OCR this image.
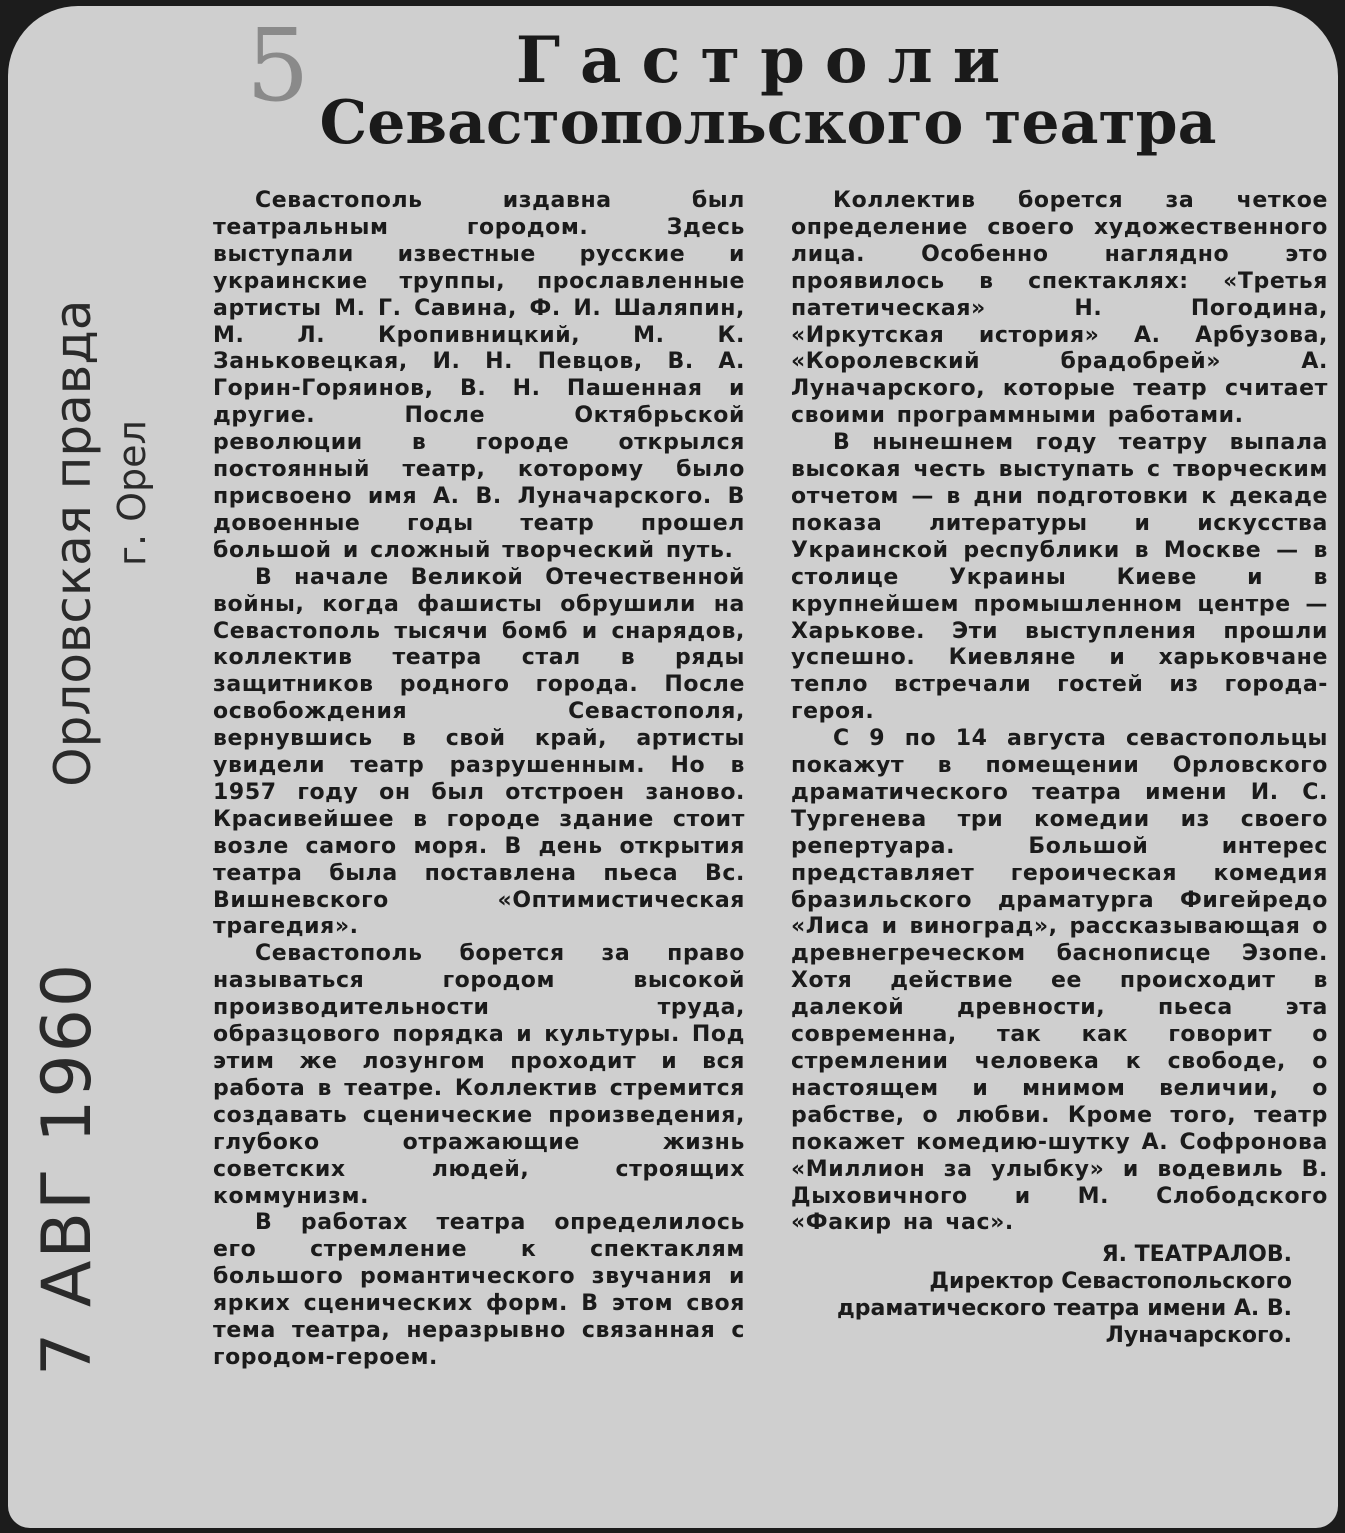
5	Гастроли
Севастопольского театра
7 АВГ 1960 Орловская правда г. Орел

Севастополь издавна был театральным городом. Здесь выступали известные русские и украинские труппы, прославленные артисты М. Г. Савина, Ф. И. Шаляпин, М. Л. Кропивницкий, М. К. Заньковецкая, И. Н. Певцов, В. А. Горин-Горяинов, В. Н. Пашенная и другие. После Октябрьской революции в городе открылся постоянный театр, которому было присвоено имя А. В. Луначарского. В довоенные годы театр прошел большой и сложный творческий путь.

В начале Великой Отечественной войны, когда фашисты обрушили на Севастополь тысячи бомб и снарядов, коллектив театра стал в ряды защитников родного города. После освобождения Севастополя, вернувшись в свой край, артисты увидели театр разрушенным. Но в 1957 году он был отстроен заново. Красивейшее в городе здание стоит возле самого моря. В день открытия театра была поставлена пьеса Вс. Вишневского «Оптимистическая трагедия».

Севастополь борется за право называться городом высокой производительности труда, образцового порядка и культуры. Под этим же лозунгом проходит и вся работа в театре. Коллектив стремится создавать сценические произведения, глубоко отражающие жизнь советских людей, строящих коммунизм.

В работах театра определилось его стремление к спектаклям большого романтического звучания и ярких сценических форм. В этом своя тема театра, неразрывно связанная с городом-героем.

Коллектив борется за четкое определение своего художественного лица. Особенно наглядно это проявилось в спектаклях: «Третья патетическая» Н. Погодина, «Иркутская история» А. Арбузова, «Королевский брадобрей» А. Луначарского, которые театр считает своими программными работами.

В нынешнем году театру выпала высокая честь выступать с творческим отчетом — в дни подготовки к декаде показа литературы и искусства Украинской республики в Москве — в столице Украины Киеве и в крупнейшем промышленном центре — Харькове. Эти выступления прошли успешно. Киевляне и харьковчане тепло встречали гостей из города-героя.

С 9 по 14 августа севастопольцы покажут в помещении Орловского драматического театра имени И. С. Тургенева три комедии из своего репертуара. Большой интерес представляет героическая комедия бразильского драматурга Фигейредо «Лиса и виноград», рассказывающая о древнегреческом баснописце Эзопе. Хотя действие ее происходит в далекой древности, пьеса эта современна, так как говорит о стремлении человека к свободе, о настоящем и мнимом величии, о рабстве, о любви. Кроме того, театр покажет комедию-шутку А. Софронова «Миллион за улыбку» и водевиль В. Дыховичного и М. Слободского «Факир на час».

Я. ТЕАТРАЛОВ.
Директор Севастопольского драматического театра имени А. В. Луначарского.
